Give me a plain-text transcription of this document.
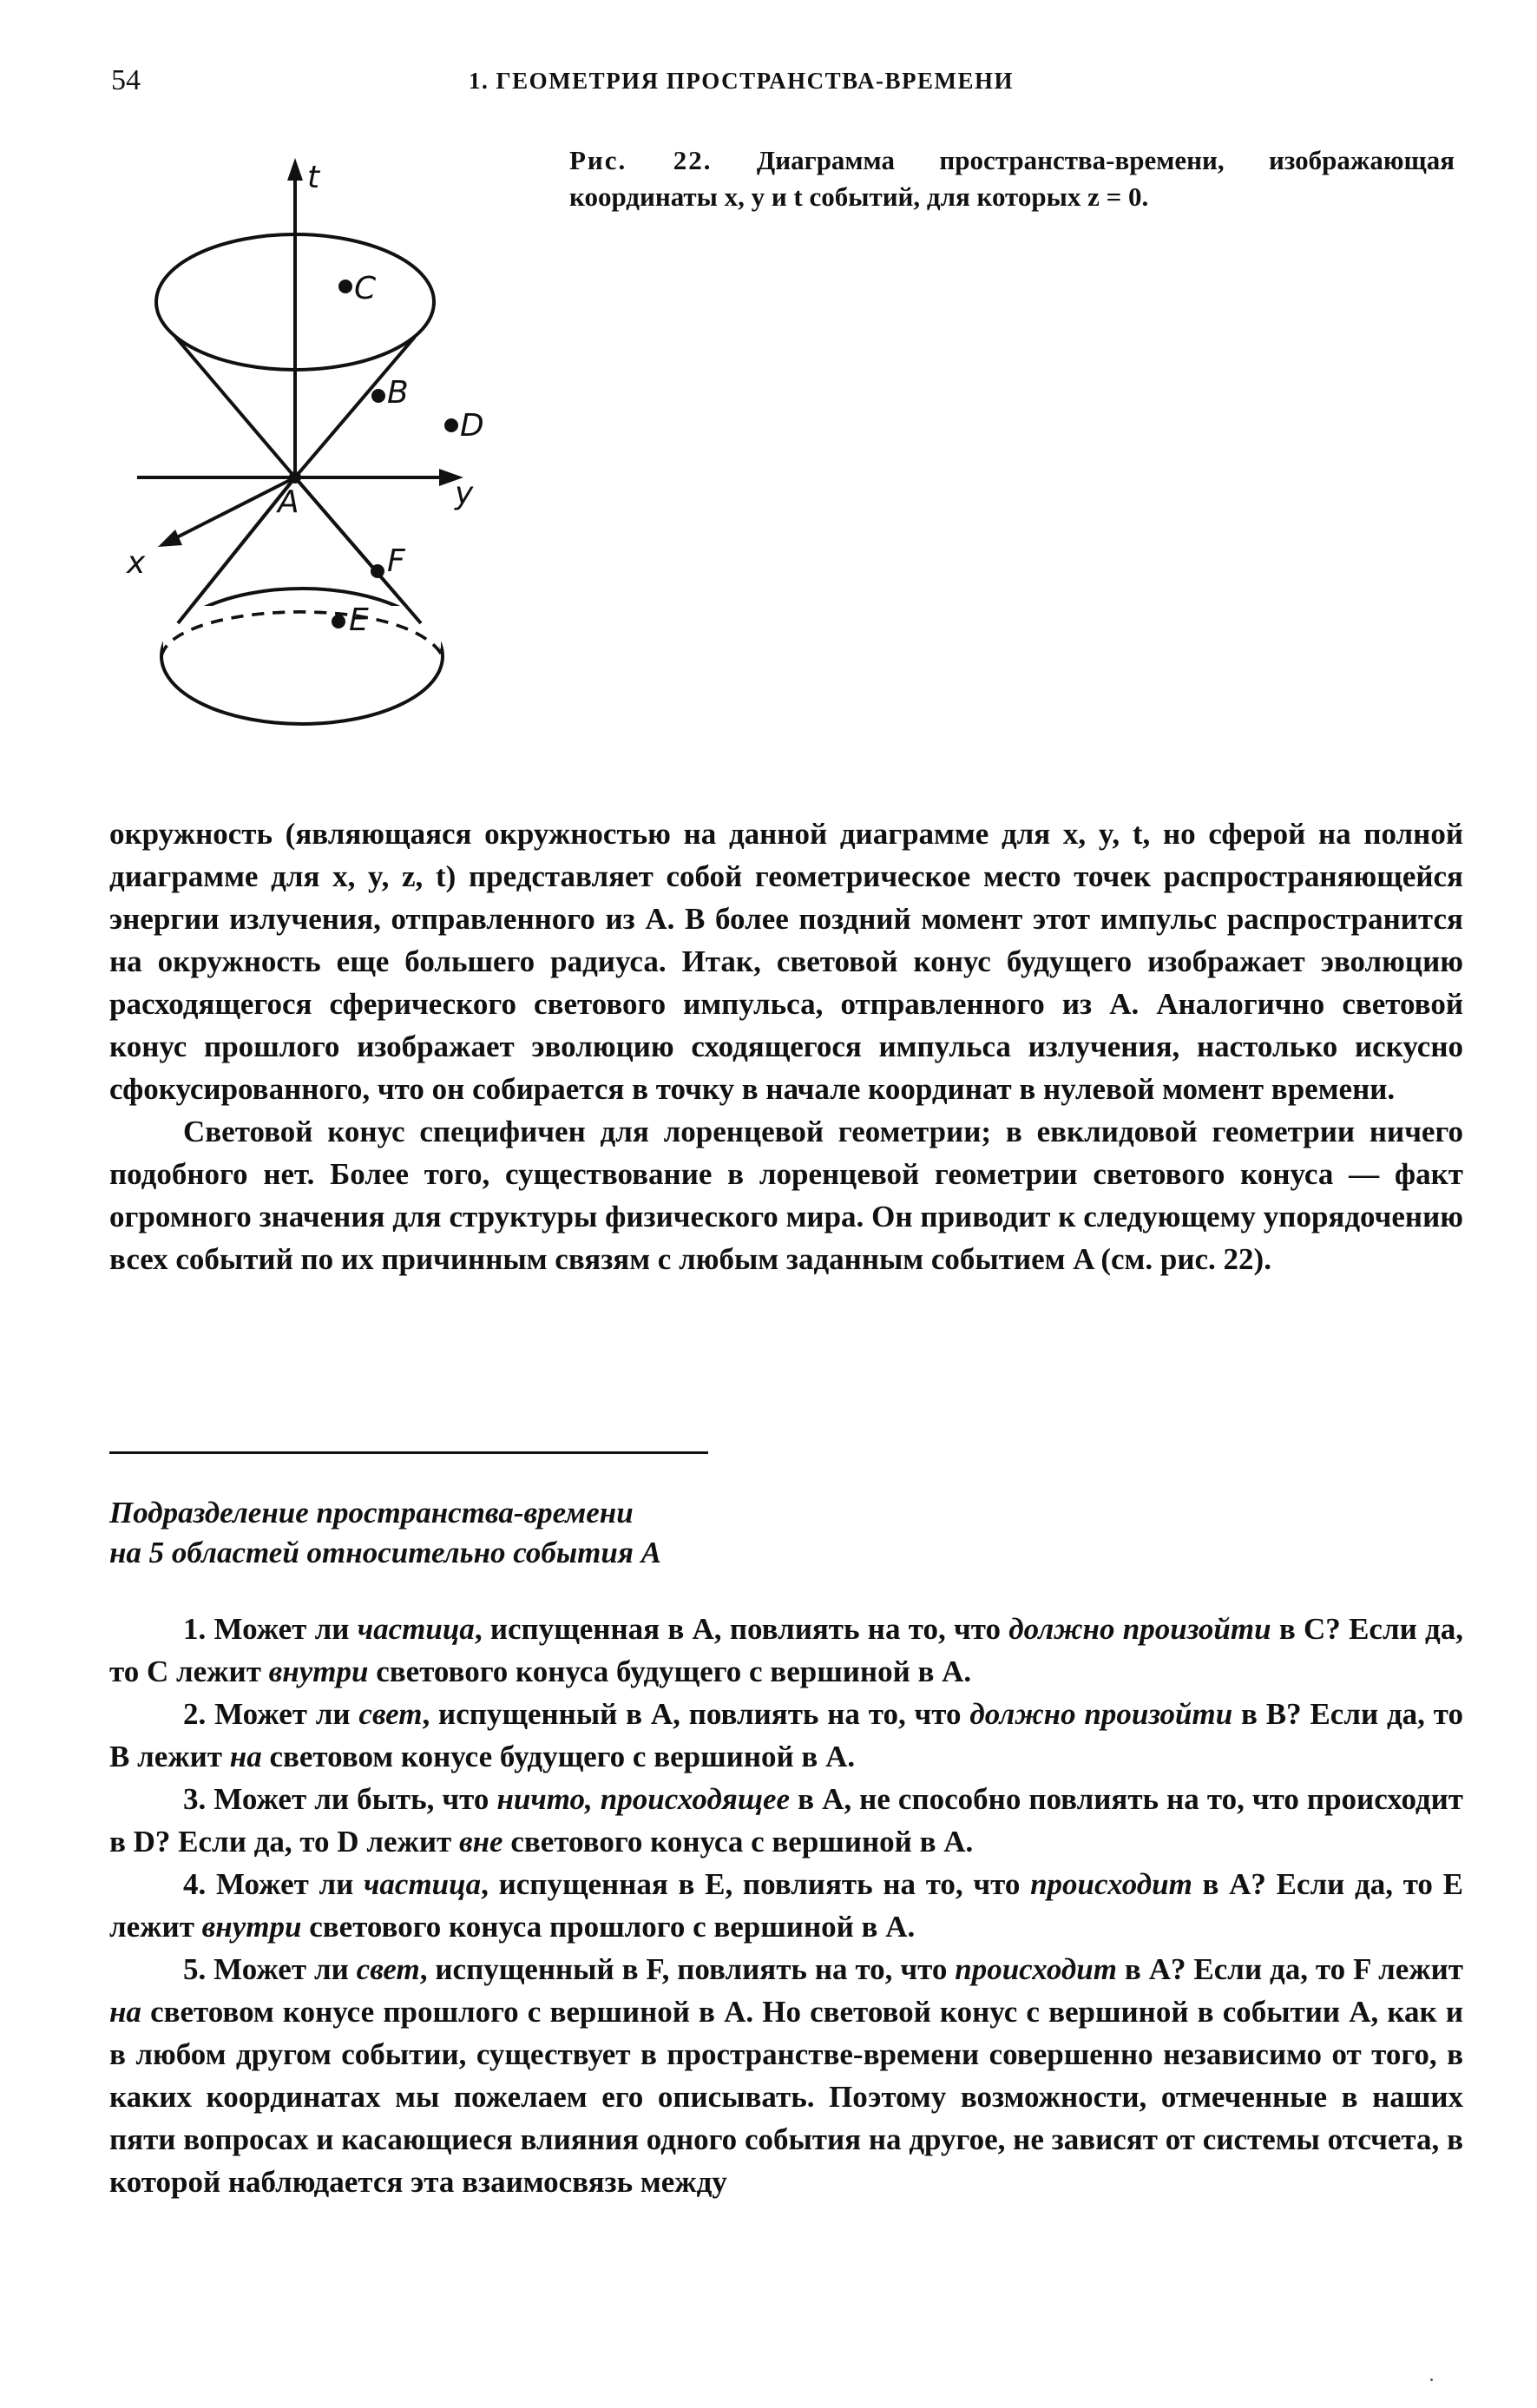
54	1. ГЕОМЕТРИЯ ПРОСТРАНСТВА-ВРЕМЕНИ
t
C
B
D
y
A
x	F
E
Рис. 22. Диаграмма пространства-времени, изображающая координаты x, y и t событий, для которых z = 0.

окружность (являющаяся окружностью на данной диаграмме для x, y, t, но сферой на полной диаграмме для x, y, z, t) представляет собой геометрическое место точек распространяющейся энергии излучения, отправленного из A. В более поздний момент этот импульс распространится на окружность еще большего радиуса. Итак, световой конус будущего изображает эволюцию расходящегося сферического светового импульса, отправленного из A. Аналогично световой конус прошлого изображает эволюцию сходящегося импульса излучения, настолько искусно сфокусированного, что он собирается в точку в начале координат в нулевой момент времени.

Световой конус специфичен для лоренцевой геометрии; в евклидовой геометрии ничего подобного нет. Более того, существование в лоренцевой геометрии светового конуса — факт огромного значения для структуры физического мира. Он приводит к следующему упорядочению всех событий по их причинным связям с любым заданным событием A (см. рис. 22).

Подразделение пространства-времени
на 5 областей относительно события A

1. Может ли частица, испущенная в A, повлиять на то, что должно произойти в C? Если да, то C лежит внутри светового конуса будущего с вершиной в A.

2. Может ли свет, испущенный в A, повлиять на то, что должно произойти в B? Если да, то B лежит на световом конусе будущего с вершиной в A.

3. Может ли быть, что ничто, происходящее в A, не способно повлиять на то, что происходит в D? Если да, то D лежит вне светового конуса с вершиной в A.

4. Может ли частица, испущенная в E, повлиять на то, что происходит в A? Если да, то E лежит внутри светового конуса прошлого с вершиной в A.

5. Может ли свет, испущенный в F, повлиять на то, что происходит в A? Если да, то F лежит на световом конусе прошлого с вершиной в A. Но световой конус с вершиной в событии A, как и в любом другом событии, существует в пространстве-времени совершенно независимо от того, в каких координатах мы пожелаем его описывать. Поэтому возможности, отмеченные в наших пяти вопросах и касающиеся влияния одного события на другое, не зависят от системы отсчета, в которой наблюдается эта взаимосвязь между
